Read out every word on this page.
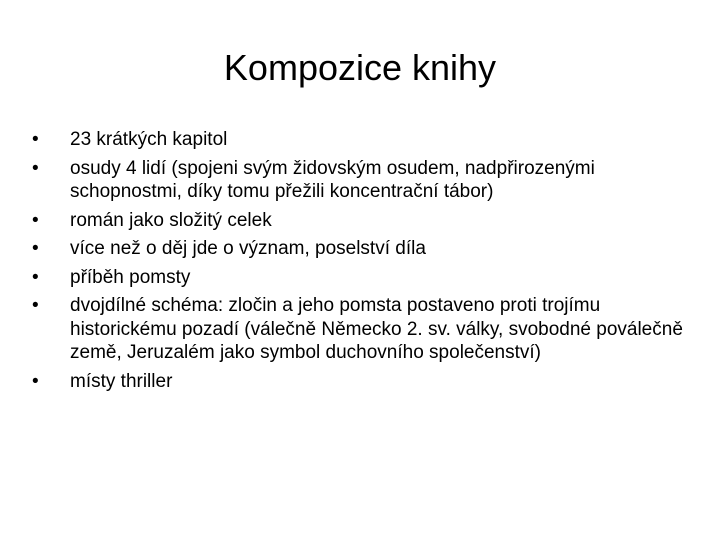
Kompozice knihy
•	23 krátkých kapitol
•	osudy 4 lidí (spojeni svým židovským osudem, nadpřirozenými schopnostmi, díky tomu přežili koncentrační tábor)
•	román jako složitý celek
•	více než o děj jde o význam, poselství díla
•	příběh pomsty
•	dvojdílné schéma: zločin a jeho pomsta postaveno proti trojímu historickému pozadí (válečně Německo 2. sv. války, svobodné poválečně země, Jeruzalém jako symbol duchovního společenství)
•	místy thriller
